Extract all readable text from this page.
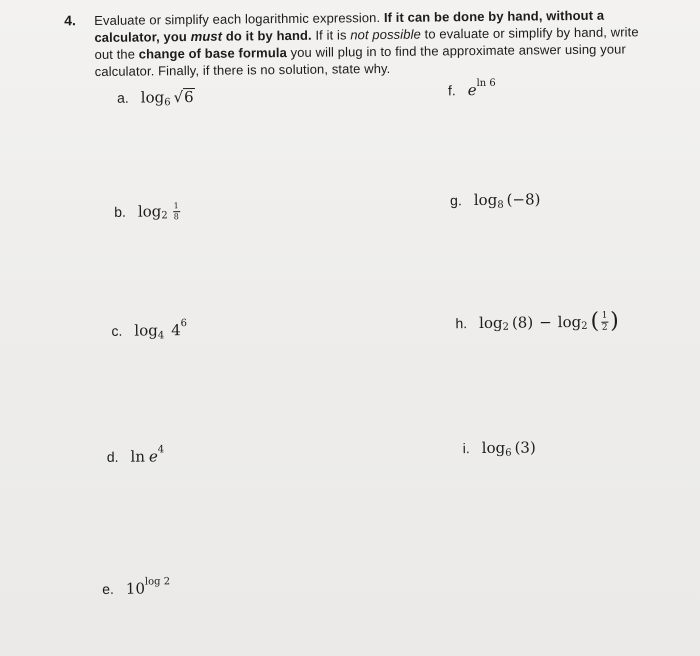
4. Evaluate or simplify each logarithmic expression. If it can be done by hand, without a calculator, you must do it by hand. If it is not possible to evaluate or simplify by hand, write out the change of base formula you will plug in to find the approximate answer using your calculator. Finally, if there is no solution, state why.
a. log 6 √ 6	f. e ln 6
b. $\log 2 \frac{1}{8}$
g. log 8 (−8)
c. log 4 4 6	h. log 2 (8) − log 2 ( $\frac{1}{2}$ )
d. ln e 4	i. log 6 (3)
e. 10 log 2
